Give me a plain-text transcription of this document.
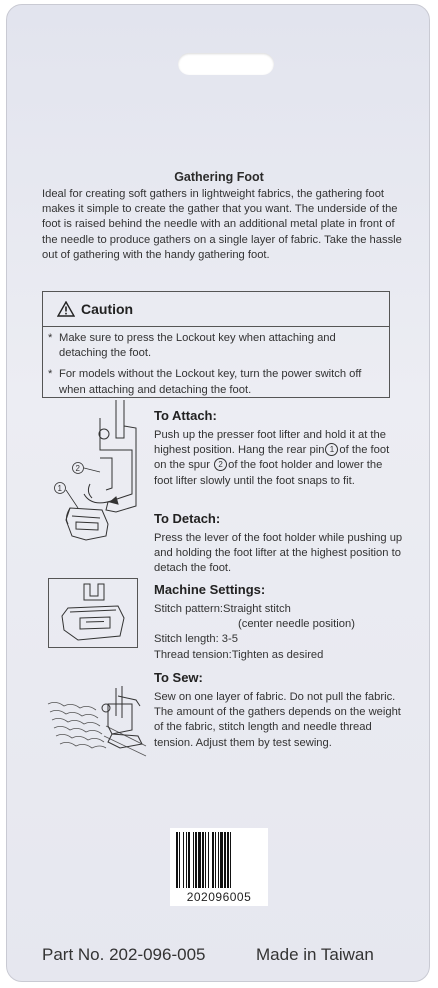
Gathering Foot

Ideal for creating soft gathers in lightweight fabrics, the gathering foot makes it simple to create the gather that you want. The underside of the foot is raised behind the needle with an additional metal plate in front of the needle to produce gathers on a single layer of fabric. Take the hassle out of gathering with the handy gathering foot.

Caution
* Make sure to press the Lockout key when attaching and detaching the foot.
* For models without the Lockout key, turn the power switch off when attaching and detaching the foot.
2
1
To Attach:

Push up the presser foot lifter and hold it at the highest position. Hang the rear pin 1 of the foot on the spur 2 of the foot holder and lower the foot lifter slowly until the foot snaps to fit.

To Detach:

Press the lever of the foot holder while pushing up and holding the foot lifter at the highest position to detach the foot.

Machine Settings:
Stitch pattern:Straight stitch
(center needle position)
Stitch length: 3-5
Thread tension:Tighten as desired
To Sew:

Sew on one layer of fabric. Do not pull the fabric. The amount of the gathers depends on the weight of the fabric, stitch length and needle thread tension. Adjust them by test sewing.

202096005
Part No. 202-096-005	Made in Taiwan
